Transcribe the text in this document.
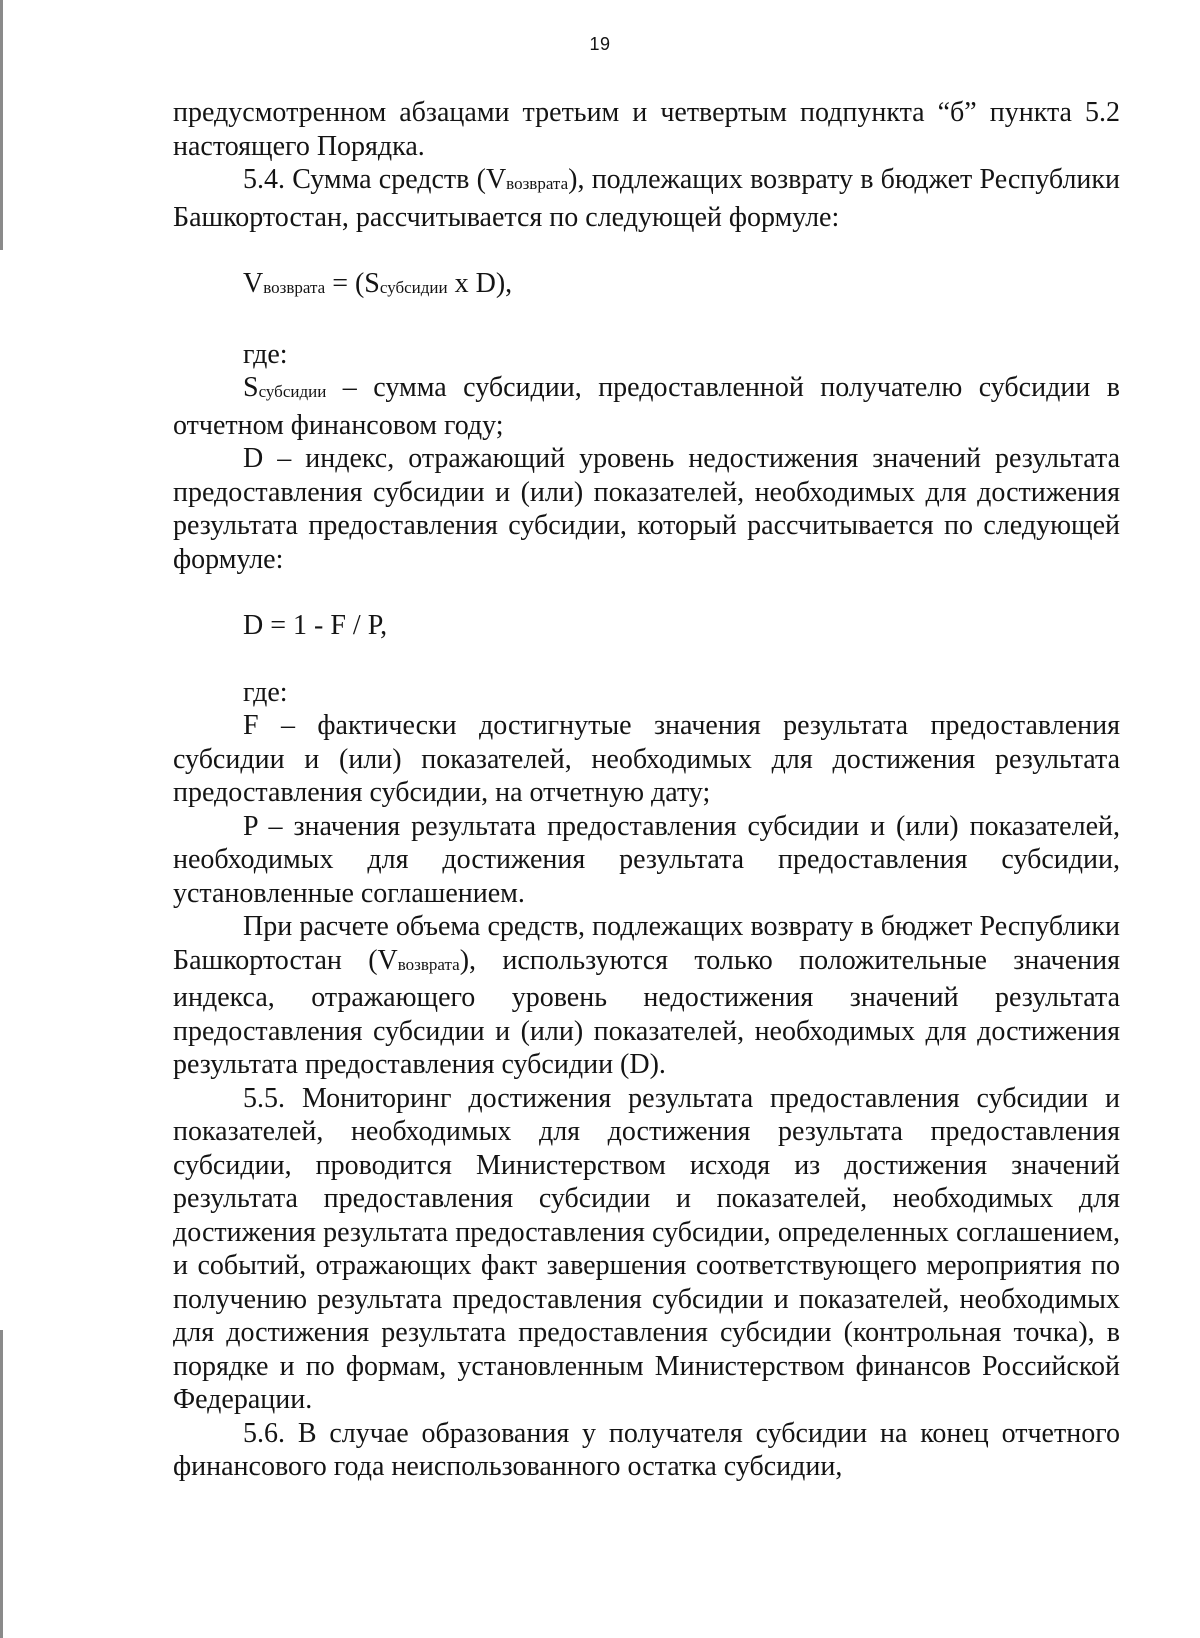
19

предусмотренном абзацами третьим и четвертым подпункта “б” пункта 5.2 настоящего Порядка.

5.4. Сумма средств (Vвозврата), подлежащих возврату в бюджет Республики Башкортостан, рассчитывается по следующей формуле:

Vвозврата = (Sсубсидии x D),

где:

Sсубсидии – сумма субсидии, предоставленной получателю субсидии в отчетном финансовом году;

D – индекс, отражающий уровень недостижения значений результата предоставления субсидии и (или) показателей, необходимых для достижения результата предоставления субсидии, который рассчитывается по следующей формуле:

D = 1 - F / P,

где:

F – фактически достигнутые значения результата предоставления субсидии и (или) показателей, необходимых для достижения результата предоставления субсидии, на отчетную дату;

P – значения результата предоставления субсидии и (или) показателей, необходимых для достижения результата предоставления субсидии, установленные соглашением.

При расчете объема средств, подлежащих возврату в бюджет Республики Башкортостан (Vвозврата), используются только положительные значения индекса, отражающего уровень недостижения значений результата предоставления субсидии и (или) показателей, необходимых для достижения результата предоставления субсидии (D).

5.5. Мониторинг достижения результата предоставления субсидии и показателей, необходимых для достижения результата предоставления субсидии, проводится Министерством исходя из достижения значений результата предоставления субсидии и показателей, необходимых для достижения результата предоставления субсидии, определенных соглашением, и событий, отражающих факт завершения соответствующего мероприятия по получению результата предоставления субсидии и показателей, необходимых для достижения результата предоставления субсидии (контрольная точка), в порядке и по формам, установленным Министерством финансов Российской Федерации.

5.6. В случае образования у получателя субсидии на конец отчетного финансового года неиспользованного остатка субсидии,
